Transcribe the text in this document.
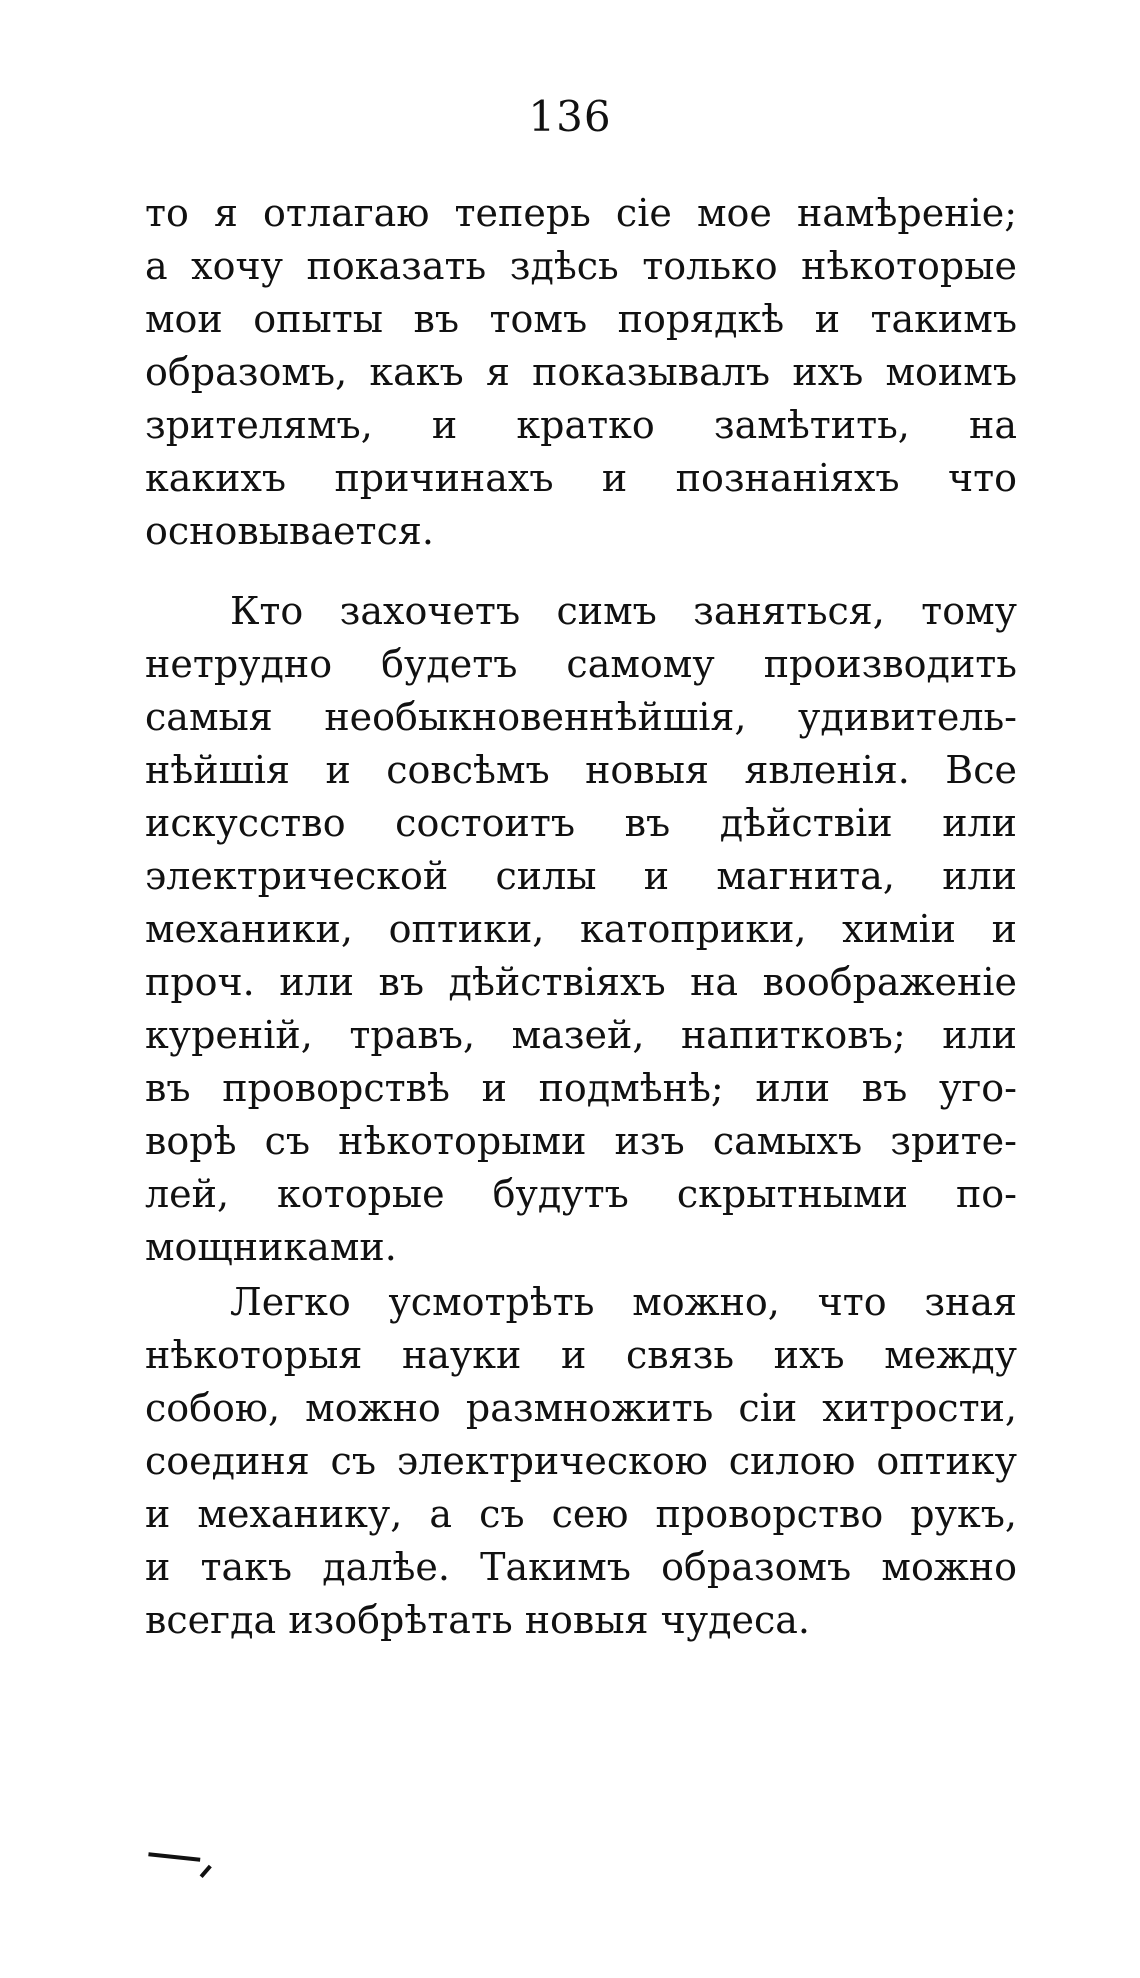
136
то я отлагаю теперь сіе мое намѣреніе;
а хочу показать здѣсь только нѣкоторые
мои опыты въ томъ порядкѣ и такимъ
образомъ, какъ я показывалъ ихъ моимъ
зрителямъ, и кратко замѣтить, на
какихъ причинахъ и познаніяхъ что
основывается.
Кто захочетъ симъ заняться, тому
нетрудно будетъ самому производить
самыя необыкновеннѣйшія, удивитель-
нѣйшія и совсѣмъ новыя явленія. Все
искусство состоитъ въ дѣйствіи или
электрической силы и магнита, или
механики, оптики, катоприки, химіи и
проч. или въ дѣйствіяхъ на воображеніе
куреній, травъ, мазей, напитковъ; или
въ проворствѣ и подмѣнѣ; или въ уго-
ворѣ съ нѣкоторыми изъ самыхъ зрите-
лей, которые будутъ скрытными по-
мощниками.
Легко усмотрѣть можно, что зная
нѣкоторыя науки и связь ихъ между
собою, можно размножить сіи хитрости,
соединя съ электрическою силою оптику
и механику, а съ сею проворство рукъ,
и такъ далѣе. Такимъ образомъ можно
всегда изобрѣтать новыя чудеса.
